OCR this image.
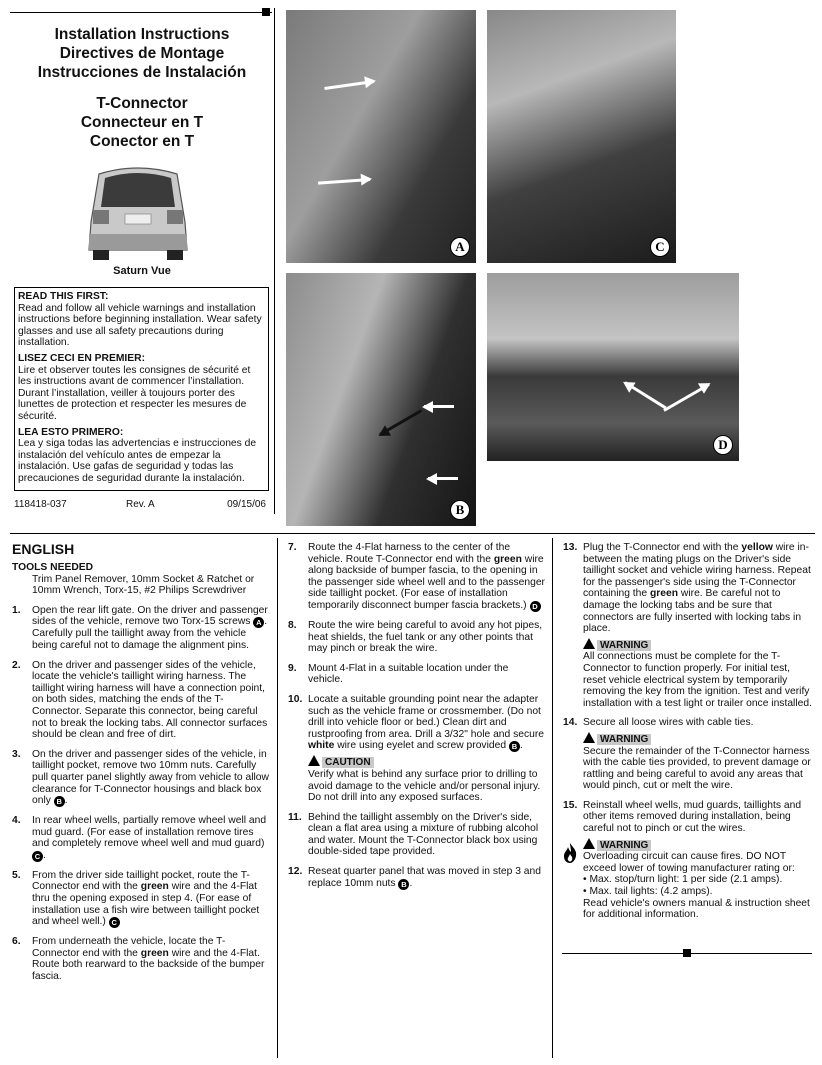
Installation Instructions
Directives de Montage
Instrucciones de Instalación
T-Connector
Connecteur en T
Conector en T
Saturn Vue
READ THIS FIRST:

Read and follow all vehicle warnings and installation instructions before beginning installation. Wear safety glasses and use all safety precautions during installation.

LISEZ CECI EN PREMIER:

Lire et observer toutes les consignes de sécurité et les instructions avant de commencer l’installation. Durant l’installation, veiller à toujours porter des lunettes de protection et respecter les mesures de sécurité.

LEA ESTO PRIMERO:

Lea y siga todas las advertencias e instrucciones de instalación del vehículo antes de empezar la instalación. Use gafas de seguridad y todas las precauciones de seguridad durante la instalación.

118418-037	Rev. A	09/15/06
A	C
B
D
ENGLISH
TOOLS NEEDED
Trim Panel Remover, 10mm Socket & Ratchet or 10mm Wrench, Torx-15, #2 Philips Screwdriver
1.	Open the rear lift gate. On the driver and passenger sides of the vehicle, remove two Torx-15 screws A . Carefully pull the taillight away from the vehicle being careful not to damage the alignment pins.
2.	On the driver and passenger sides of the vehicle, locate the vehicle's taillight wiring harness. The taillight wiring harness will have a connection point, on both sides, matching the ends of the T-Connector. Separate this connector, being careful not to break the locking tabs. All connector surfaces should be clean and free of dirt.
3.	On the driver and passenger sides of the vehicle, in taillight pocket, remove two 10mm nuts. Carefully pull quarter panel slightly away from vehicle to allow clearance for T-Connector housings and black box only B .
4.	In rear wheel wells, partially remove wheel well and mud guard. (For ease of installation remove tires and completely remove wheel well and mud guard) C .
5.	From the driver side taillight pocket, route the T-Connector end with the green wire and the 4-Flat thru the opening exposed in step 4. (For ease of installation use a fish wire between taillight pocket and wheel well.) C
6.	From underneath the vehicle, locate the T-Connector end with the green wire and the 4-Flat. Route both rearward to the backside of the bumper fascia.
7.	Route the 4-Flat harness to the center of the vehicle. Route T-Connector end with the green wire along backside of bumper fascia, to the opening in the passenger side wheel well and to the passenger side taillight pocket. (For ease of installation temporarily disconnect bumper fascia brackets.) D
8.	Route the wire being careful to avoid any hot pipes, heat shields, the fuel tank or any other points that may pinch or break the wire.
9.	Mount 4-Flat in a suitable location under the vehicle.
10. Locate a suitable grounding point near the adapter such as the vehicle frame or crossmember. (Do not drill into vehicle floor or bed.) Clean dirt and rustproofing from area. Drill a 3/32" hole and secure white wire using eyelet and screw provided B .
CAUTION
Verify what is behind any surface prior to drilling to avoid damage to the vehicle and/or personal injury. Do not drill into any exposed surfaces.
11. Behind the taillight assembly on the Driver's side, clean a flat area using a mixture of rubbing alcohol and water. Mount the T-Connector black box using double-sided tape provided.
12. Reseat quarter panel that was moved in step 3 and replace 10mm nuts B .
13. Plug the T-Connector end with the yellow wire in-between the mating plugs on the Driver's side taillight socket and vehicle wiring harness. Repeat for the passenger's side using the T-Connector containing the green wire. Be careful not to damage the locking tabs and be sure that connectors are fully inserted with locking tabs in place.
WARNING
All connections must be complete for the T-Connector to function properly. For initial test, reset vehicle electrical system by temporarily removing the key from the ignition. Test and verify installation with a test light or trailer once installed.
14. Secure all loose wires with cable ties.
WARNING
Secure the remainder of the T-Connector harness with the cable ties provided, to prevent damage or rattling and being careful to avoid any areas that would pinch, cut or melt the wire.
15. Reinstall wheel wells, mud guards, taillights and other items removed during installation, being careful not to pinch or cut the wires.
WARNING
Overloading circuit can cause fires. DO NOT exceed lower of towing manufacturer rating or:
• Max. stop/turn light: 1 per side (2.1 amps).
• Max. tail lights: (4.2 amps).
Read vehicle's owners manual & instruction sheet for additional information.
